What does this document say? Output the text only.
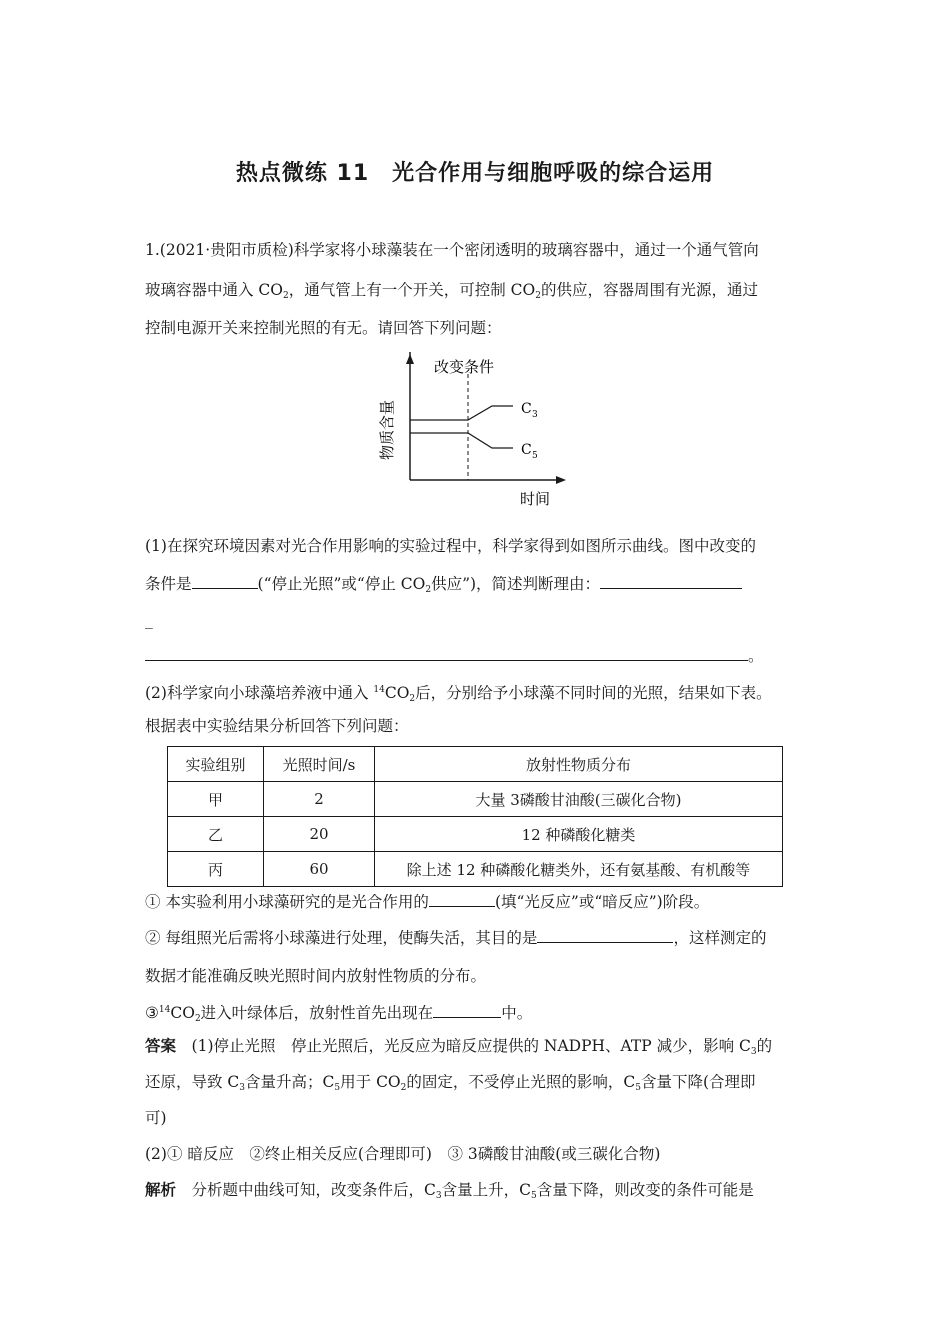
热点微练 11　光合作用与细胞呼吸的综合运用
1.(2021·贵阳市质检)科学家将小球藻装在一个密闭透明的玻璃容器中，通过一个通气管向
玻璃容器中通入 $CO_2$，通气管上有一个开关，可控制 $CO_2$的供应，容器周围有光源，通过
控制电源开关来控制光照的有无。请回答下列问题：
改变条件
C 3
C 5
时间
物质含量
(1)在探究环境因素对光合作用影响的实验过程中，科学家得到如图所示曲线。图中改变的
条件是	(“停止光照”或“停止 $CO_2$供应”)，简述判断理由：
_
。
(2)科学家向小球藻培养液中通入 $^{14}CO_2$后，分别给予小球藻不同时间的光照，结果如下表。
根据表中实验结果分析回答下列问题：
实验组别	光照时间/s	放射性物质分布
甲	2	大量 3磷酸甘油酸(三碳化合物)
乙	20	12 种磷酸化糖类
丙	60	除上述 12 种磷酸化糖类外，还有氨基酸、有机酸等
① 本实验利用小球藻研究的是光合作用的	(填“光反应”或“暗反应”)阶段。
② 每组照光后需将小球藻进行处理，使酶失活，其目的是	，这样测定的
数据才能准确反映光照时间内放射性物质的分布。
$③^{14}CO_2$进入叶绿体后，放射性首先出现在	中。
答案　 (1)停止光照　停止光照后，光反应为暗反应提供的 NADPH、ATP 减少，影响 $C_3$的
还原，导致 $C_3$含量升高；$C_5$用于 $CO_2$的固定，不受停止光照的影响，$C_5$含量下降(合理即
可)
(2)① 暗反应　②终止相关反应(合理即可)　③ 3磷酸甘油酸(或三碳化合物)
解析　 分析题中曲线可知，改变条件后，$C_3$含量上升，$C_5$含量下降，则改变的条件可能是
